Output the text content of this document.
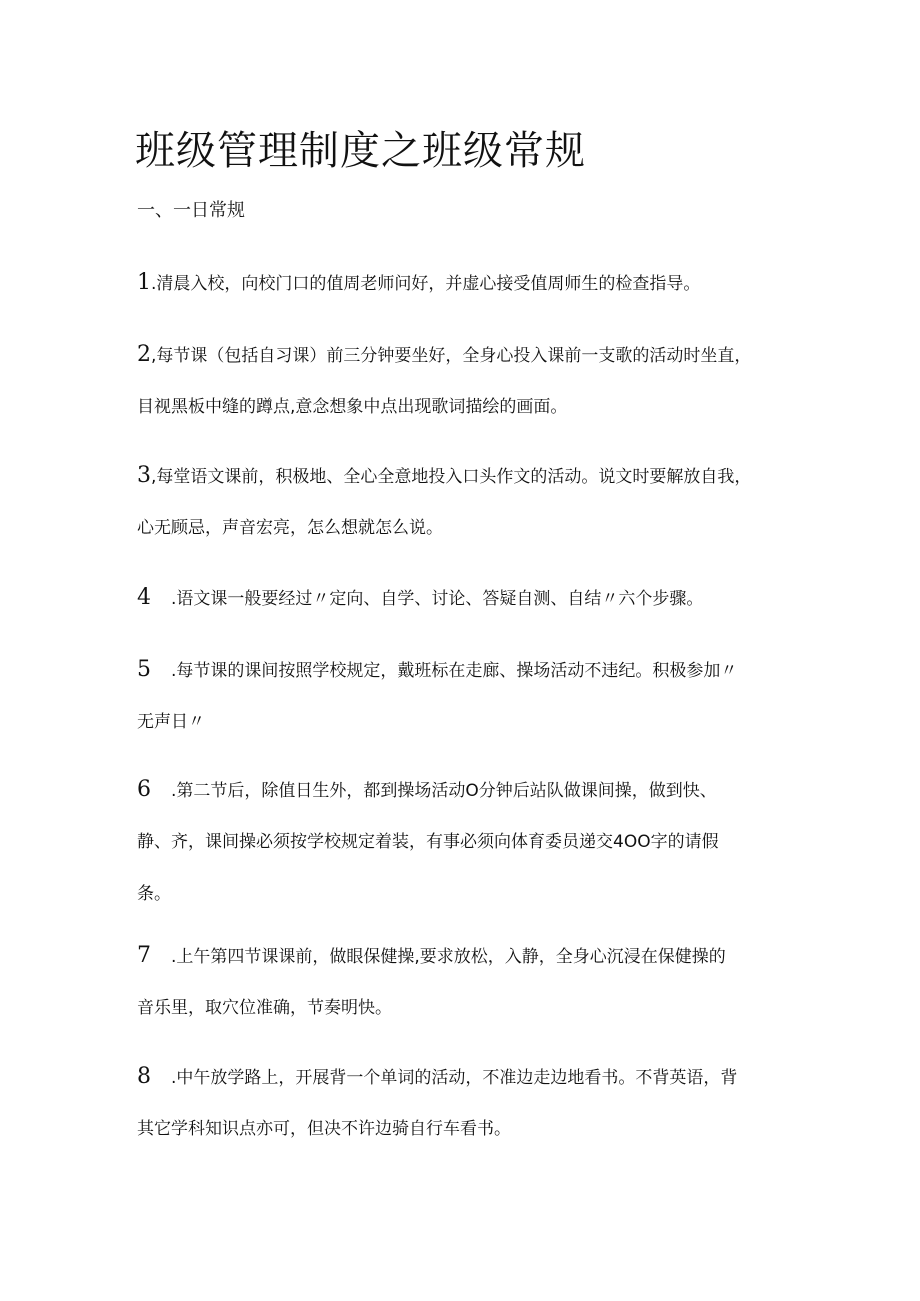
班级管理制度之班级常规
一、一日常规
1.清晨入校，向校门口的值周老师问好，并虚心接受值周师生的检查指导。
2,每节课（包括自习课）前三分钟要坐好，全身心投入课前一支歌的活动时坐直，
目视黑板中缝的蹲点,意念想象中点出现歌词描绘的画面。
3,每堂语文课前，积极地、全心全意地投入口头作文的活动。说文时要解放自我，
心无顾忌，声音宏亮，怎么想就怎么说。
4 .语文课一般要经过〃定向、自学、讨论、答疑自测、自结〃六个步骤。
5 .每节课的课间按照学校规定，戴班标在走廊、操场活动不违纪。积极参加〃
无声日〃
6 .第二节后，除值日生外，都到操场活动O分钟后站队做课间操，做到快、
静、齐，课间操必须按学校规定着装，有事必须向体育委员递交4OO字的请假
条。
7 .上午第四节课课前，做眼保健操,要求放松，入静，全身心沉浸在保健操的
音乐里，取穴位准确，节奏明快。
8 .中午放学路上，开展背一个单词的活动，不准边走边地看书。不背英语，背
其它学科知识点亦可，但决不许边骑自行车看书。
